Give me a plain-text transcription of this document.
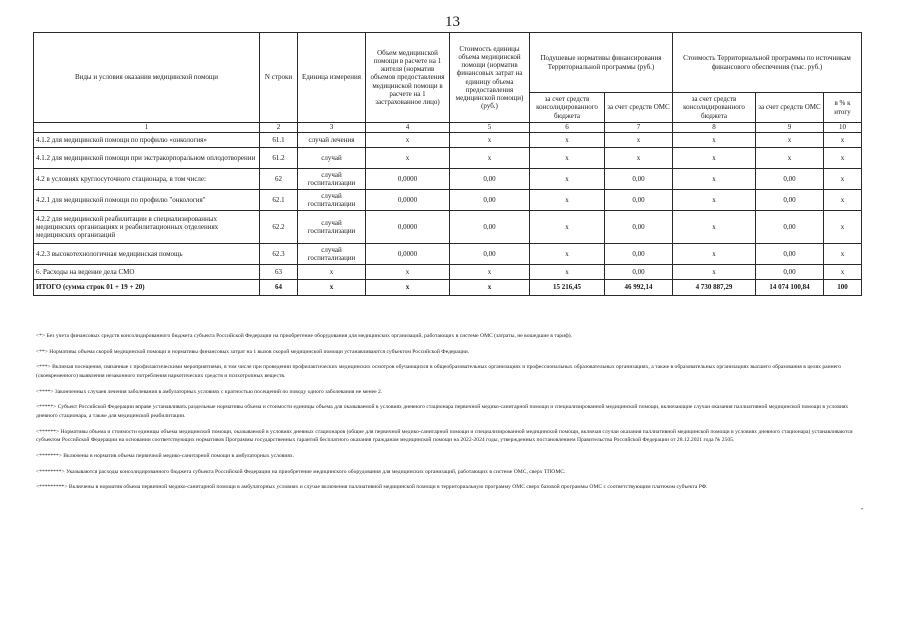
13
Виды и условия оказания медицинской помощи	N строки	Единица измерения	Объем медицинской помощи в расчете на 1 жителя (норматив объемов предоставления медицинской помощи в расчете на 1 застрахованное лицо)	Стоимость единицы объема медицинской помощи (норматив финансовых затрат на единицу объема предоставления медицинской помощи) (руб.)	Подушевые нормативы финансирования Территориальной программы (руб.)		Стоимость Территориальной программы по источникам финансового обеспечения (тыс. руб.)		
					за счет средств консолидированного бюджета	за счет средств ОМС	за счет средств консолидированного бюджета	за счет средств ОМС	в % к итогу
1	2	3	4	5	6	7	8	9	10
4.1.2 для медицинской помощи по профилю «онкология»	61.1	случай лечения	х	х	х	х	х	х	х
4.1.2 для медицинской помощи при экстракорпоральном оплодотворении	61.2	случай	х	х	х	х	х	х	х
4.2 в условиях круглосуточного стационара, в том числе:	62	случай госпитализации	0,0000	0,00	х	0,00	х	0,00	х
4.2.1 для медицинской помощи по профилю "онкология"	62.1	случай госпитализации	0,0000	0,00	х	0,00	х	0,00	х
4.2.2 для медицинской реабилитации в специализированных медицинских организациях и реабилитационных отделениях медицинских организаций	62.2	случай госпитализации	0,0000	0,00	х	0,00	х	0,00	х
4.2.3 высокотехнологичная медицинская помощь	62.3	случай госпитализации	0,0000	0,00	х	0,00	х	0,00	х
6. Расходы на ведение дела СМО	63	х	х	х	х	0,00	х	0,00	х
ИТОГО (сумма строк 01 + 19 + 20)	64	х	х	х	15 216,45	46 992,14	4 730 887,29	14 074 100,84	100

<*> Без учета финансовых средств консолидированного бюджета субъекта Российской Федерации на приобретение оборудования для медицинских организаций, работающих в системе ОМС (затраты, не вошедшие в тариф).

<**> Нормативы объема скорой медицинской помощи и нормативы финансовых затрат на 1 вызов скорой медицинской помощи устанавливаются субъектом Российской Федерации.

<***> Включая посещения, связанные с профилактическими мероприятиями, в том числе при проведении профилактических медицинских осмотров обучающихся в общеобразовательных организациях и профессиональных образовательных организациях, а также в образовательных организациях высшего образования в целях раннего (своевременного) выявления незаконного потребления наркотических средств и психотропных веществ.

<****> Законченных случаев лечения заболевания в амбулаторных условиях с кратностью посещений по поводу одного заболевания не менее 2.

<*****> Субъект Российской Федерации вправе устанавливать раздельные нормативы объема и стоимости единицы объема для оказываемой в условиях дневного стационара первичной медико-санитарной помощи и специализированной медицинской помощи, включающие случаи оказания паллиативной медицинской помощи в условиях дневного стационара, а также для медицинской реабилитации.

<******> Нормативы объема и стоимости единицы объема медицинской помощи, оказываемой в условиях дневных стационаров (общие для первичной медико-санитарной помощи и специализированной медицинской помощи, включая случаи оказания паллиативной медицинской помощи в условиях дневного стационара) устанавливаются субъектом Российской Федерации на основании соответствующих нормативов Программы государственных гарантий бесплатного оказания гражданам медицинской помощи на 2022-2024 годы, утвержденных постановлением Правительства Российской Федерации от 28.12.2021 года № 2505.

<*******> Включены в норматив объема первичной медико-санитарной помощи в амбулаторных условиях.

<********> Указываются расходы консолидированного бюджета субъекта Российской Федерации на приобретение медицинского оборудования для медицинских организаций, работающих в системе ОМС, сверх ТПОМС.

<*********> Включены в норматив объема первичной медико-санитарной помощи в амбулаторных условиях и случае включения паллиативной медицинской помощи в территориальную программу ОМС сверх базовой программы ОМС с соответствующим платежом субъекта РФ.

"
